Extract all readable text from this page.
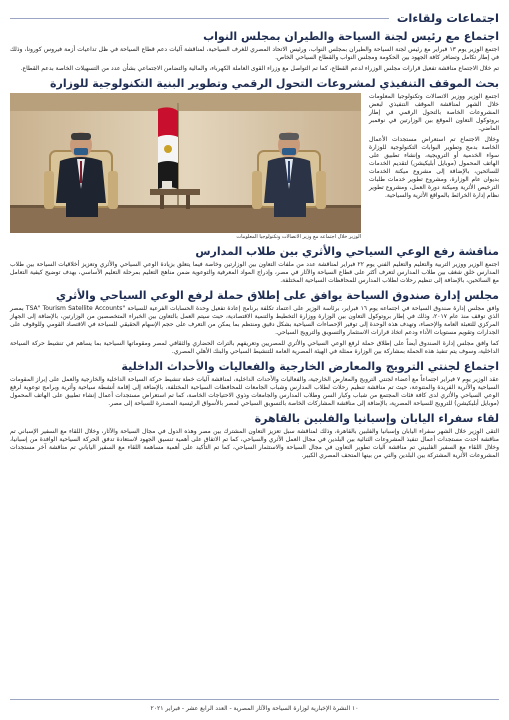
اجتماعات ولقاءات
اجتماع مع رئيس لجنة السياحة والطيران بمجلس النواب

اجتمع الوزير يوم ١٣ فبراير مع رئيس لجنة السياحة والطيران بمجلس النواب، ورئيس الاتحاد المصري للغرف السياحية، لمناقشة آليات دعم قطاع السياحة في ظل تداعيات أزمة فيروس كورونا، وذلك في إطار تكامل وتضافر كافة الجهود بين الحكومة ومجلس النواب والقطاع السياحي الخاص.

تم خلال الاجتماع مناقشة تفعيل قرارات مجلس الوزراء لدعم القطاع، كما تم التواصل مع وزراء القوى العاملة الكهرباء، والمالية والتضامن الاجتماعي بشأن عدد من التسهيلات الخاصة بدعم القطاع.

بحث الموقف التنفيذي لمشروعات التحول الرقمي وتطوير البنية التكنولوجية للوزارة

اجتمع الوزير ووزير الاتصالات وتكنولوجيا المعلومات خلال الشهر لمناقشة الموقف التنفيذي لبعض المشروعات الخاصة بالتحول الرقمي في إطار بروتوكول التعاون الموقع بين الوزارتين في نوفمبر الماضي.

وخلال الاجتماع تم استعراض مستجدات الأعمال الخاصة بدمج وتطوير البوابات التكنولوجية للوزارة سواء الخدمية أو الترويجية، وإنشاء تطبيق على الهاتف المحمول (موبايل أبليكيشن) لتقديم الخدمات للسائحين، بالإضافة إلى مشروع ميكنة الخدمات بديوان عام الوزارة، ومشروع تطوير خدمات طلبات الترخيص الأثرية وميكنة دورة العمل، ومشروع تطوير نظام إدارة الخرائط بالمواقع الأثرية والسياحية.

الوزير خلال اجتماعه مع وزير الاتصالات وتكنولوجيا المعلومات
مناقشة رفع الوعي السياحي والأثري بين طلاب المدارس

اجتمع الوزير ووزير التربية والتعليم والتعليم الفني يوم ٢٢ فبراير لمناقشة عدد من ملفات التعاون بين الوزارتين وخاصة فيما يتعلق بزيادة الوعي السياحي والأثري وتعزيز أخلاقيات السياحة بين طلاب المدارس خلق شغف بين طلاب المدارس لتعرف أكثر على قطاع السياحة والآثار في مصر، وإدراج المواد المعرفية والتوعوية ضمن مناهج التعليم بمرحلة التعليم الأساسي، بهدف توضيح كيفية التعامل مع السائحين، بالإضافة إلى تنظيم رحلات لطلاب المدارس للمحافظات السياحية المختلفة.

مجلس إدارة صندوق السياحة يوافق على إطلاق حملة لرفع الوعي السياحي والأثري

وافق مجلس إدارة صندوق السياحة في اجتماعه يوم ١٦ فبراير، برئاسة الوزير على اعتماد تكلفة برنامج إعادة تفعيل وحدة الحسابات الفرعية للسياحة "TSA" Tourism Satellite Accounts بمصر الذي توقف منذ عام ٢٠١٧، وذلك في إطار بروتوكول التعاون بين الوزارة ووزارة التخطيط والتنمية الاقتصادية، حيث سيتم العمل بالتعاون بين الخبراء المتخصصين من الوزارتين، بالإضافة إلى الجهاز المركزي للتعبئة العامة والإحصاء، وتهدف هذه الوحدة إلى توفير الإحصاءات السياحية بشكل دقيق ومنتظم بما يمكن من التعرف على حجم الإسهام الحقيقي للسياحة في الاقتصاد القومي وللوقوف على الجدارات وتقويم مستويات الأداء ودعم اتخاذ قرارات الاستثمار والتسويق والترويج السياحي.

كما وافق مجلس إدارة الصندوق أيضاً على إطلاق حملة لرفع الوعي السياحي والأثري للمصريين وتعريفهم بالتراث الحضاري والثقافي لمصر ومقوماتها السياحية بما يساهم في تنشيط حركة السياحة الداخلية، وسوف يتم تنفيذ هذه الحملة بمشاركة بين الوزارة ممثلة في الهيئة المصرية العامة للتنشيط السياحي والبنك الأهلي المصري.

اجتماع لجنتي الترويج والمعارض الخارجية والفعاليات والأحداث الداخلية

عقد الوزير يوم ٧ فبراير اجتماعاً مع أعضاء لجنتي الترويج والمعارض الخارجية، والفعاليات والأحداث الداخلية، لمناقشة آليات خطة تنشيط حركة السياحة الداخلية والخارجية والعمل على إبراز المقومات السياحية والأثرية الفريدة والمتنوعة، حيث تم مناقشة تنظيم رحلات لطلاب المدارس وشباب الجامعات للمحافظات السياحية المختلفة، بالإضافة إلى إقامة أنشطة سياحية وأثرية وبرامج توعوية لرفع الوعي السياحي والأثري لدى كافة فئات المجتمع من شباب وكبار السن وطلاب المدارس والجامعات وذوي الاحتياجات الخاصة، كما تم استعراض مستجدات أعمال إنشاء تطبيق على الهاتف المحمول (موبايل أبليكيشن) للترويج للسياحة المصرية، بالإضافة إلى مناقشة المشاركات الخاصة بالتسويق السياحي لمصر بالأسواق الرئيسية المصدرة للسياحة إلى مصر.

لقاء سفراء اليابان وإسبانيا والفلبين بالقاهرة

التقى الوزير خلال الشهر سفراء اليابان وإسبانيا والفلبين بالقاهرة، وذلك لمناقشة سبل تعزيز التعاون المشترك بين مصر وهذه الدول في مجال السياحة والآثار، وخلال اللقاء مع السفير الإسباني تم مناقشة أحدث مستجدات أعمال تنفيذ المشروعات الثنائية بين البلدين في مجال العمل الأثري والسياحي، كما تم الاتفاق على أهمية تنسيق الجهود لاستعادة تدفق الحركة السياحية الوافدة من إسبانيا، وخلال اللقاء مع السفير الفلبيني تم مناقشة آليات تطوير التعاون في مجال السياحة والاستثمار السياحي، كما تم التأكيد على أهمية مساهمة اللقاء مع السفير الياباني تم مناقشة آخر مستجدات المشروعات الأثرية المشتركة بين البلدين والتي من بينها المتحف المصري الكبير.

١٠ النشرة الإخبارية لوزارة السياحة والآثار المصرية - العدد الرابع عشر - فبراير ٢٠٢١
